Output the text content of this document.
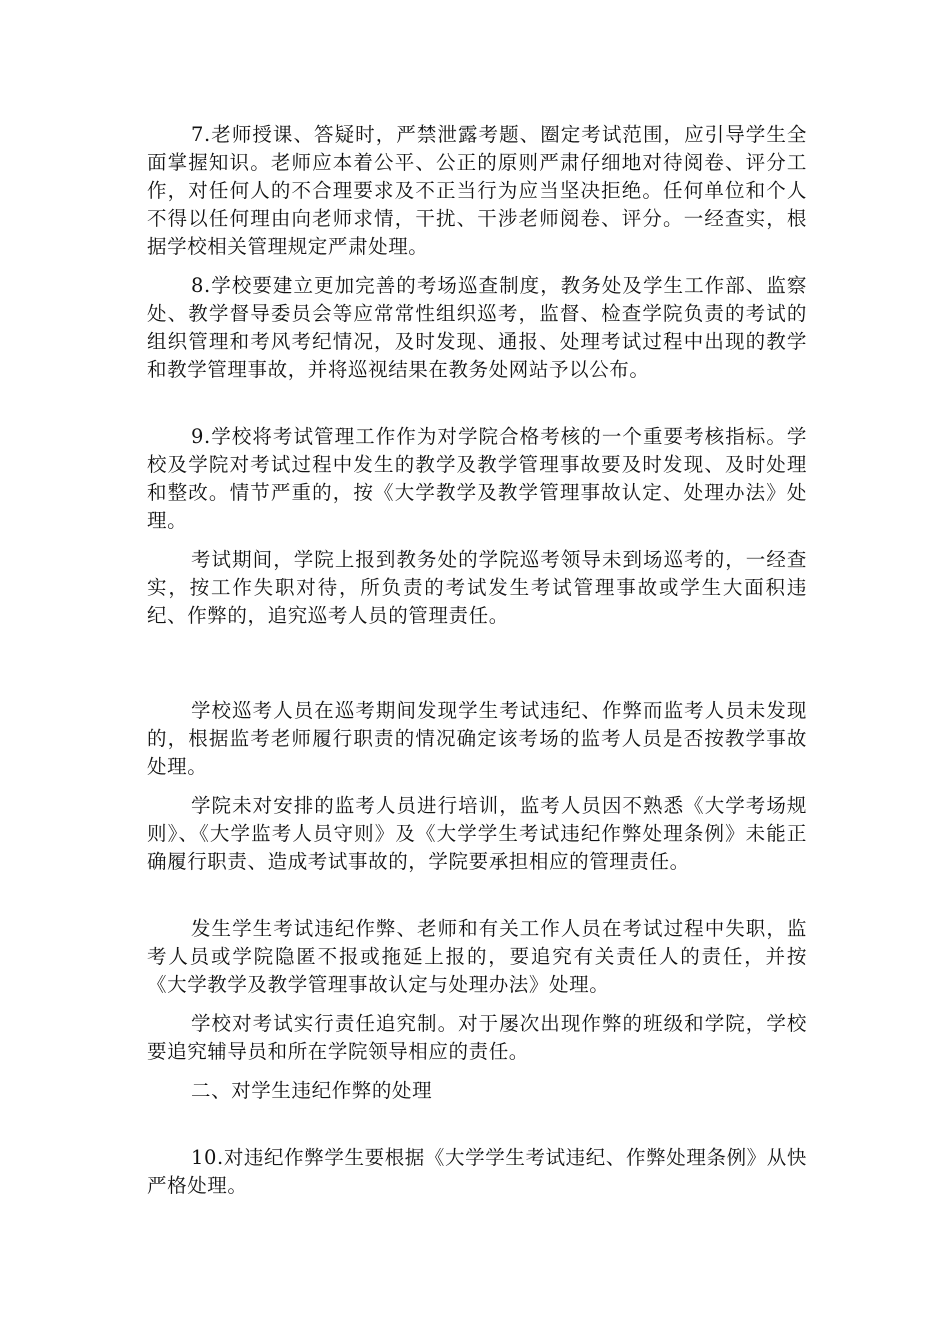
7.老师授课、答疑时，严禁泄露考题、圈定考试范围，应引导学生全面掌握知识。老师应本着公平、公正的原则严肃仔细地对待阅卷、评分工作，对任何人的不合理要求及不正当行为应当坚决拒绝。任何单位和个人不得以任何理由向老师求情，干扰、干涉老师阅卷、评分。一经查实，根据学校相关管理规定严肃处理。

8.学校要建立更加完善的考场巡查制度，教务处及学生工作部、监察处、教学督导委员会等应常常性组织巡考，监督、检查学院负责的考试的组织管理和考风考纪情况，及时发现、通报、处理考试过程中出现的教学和教学管理事故，并将巡视结果在教务处网站予以公布。

9.学校将考试管理工作作为对学院合格考核的一个重要考核指标。学校及学院对考试过程中发生的教学及教学管理事故要及时发现、及时处理和整改。情节严重的，按《大学教学及教学管理事故认定、处理办法》处理。

考试期间，学院上报到教务处的学院巡考领导未到场巡考的，一经查实，按工作失职对待，所负责的考试发生考试管理事故或学生大面积违纪、作弊的，追究巡考人员的管理责任。

学校巡考人员在巡考期间发现学生考试违纪、作弊而监考人员未发现的，根据监考老师履行职责的情况确定该考场的监考人员是否按教学事故处理。

学院未对安排的监考人员进行培训，监考人员因不熟悉《大学考场规则》、《大学监考人员守则》及《大学学生考试违纪作弊处理条例》未能正确履行职责、造成考试事故的，学院要承担相应的管理责任。

发生学生考试违纪作弊、老师和有关工作人员在考试过程中失职，监考人员或学院隐匿不报或拖延上报的，要追究有关责任人的责任，并按《大学教学及教学管理事故认定与处理办法》处理。

学校对考试实行责任追究制。对于屡次出现作弊的班级和学院，学校要追究辅导员和所在学院领导相应的责任。

二、对学生违纪作弊的处理

10.对违纪作弊学生要根据《大学学生考试违纪、作弊处理条例》从快严格处理。
